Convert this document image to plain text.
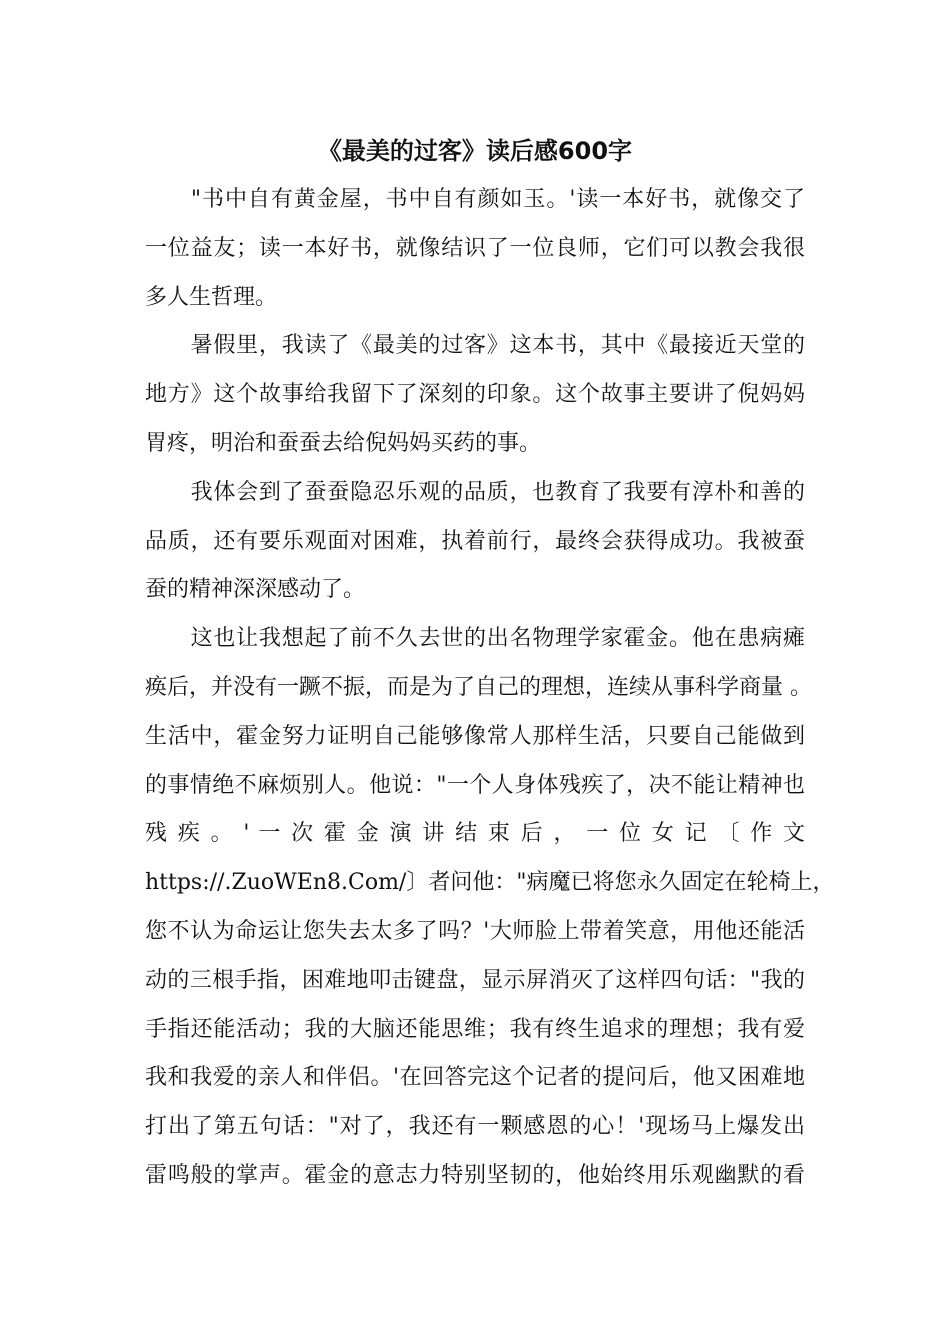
《最美的过客》读后感600字
　　"书中自有黄金屋，书中自有颜如玉。'读一本好书，就像交了
一位益友；读一本好书，就像结识了一位良师，它们可以教会我很
多人生哲理。
　　暑假里，我读了《最美的过客》这本书，其中《最接近天堂的
地方》这个故事给我留下了深刻的印象。这个故事主要讲了倪妈妈
胃疼，明治和蚕蚕去给倪妈妈买药的事。
　　我体会到了蚕蚕隐忍乐观的品质，也教育了我要有淳朴和善的
品质，还有要乐观面对困难，执着前行，最终会获得成功。我被蚕
蚕的精神深深感动了。
　　这也让我想起了前不久去世的出名物理学家霍金。他在患病瘫
痪后，并没有一蹶不振，而是为了自己的理想，连续从事科学商量 。
生活中，霍金努力证明自己能够像常人那样生活，只要自己能做到
的事情绝不麻烦别人。他说："一个人身体残疾了，决不能让精神也
残 疾 。 ' 一 次 霍 金 演 讲 结 束 后 ， 一 位 女 记 〔 作 文
https://.ZuoWEn8.Com/〕者问他："病魔已将您永久固定在轮椅上，
您不认为命运让您失去太多了吗？'大师脸上带着笑意，用他还能活
动的三根手指，困难地叩击键盘，显示屏消灭了这样四句话："我的
手指还能活动；我的大脑还能思维；我有终生追求的理想；我有爱
我和我爱的亲人和伴侣。'在回答完这个记者的提问后，他又困难地
打出了第五句话："对了，我还有一颗感恩的心！'现场马上爆发出
雷鸣般的掌声。霍金的意志力特别坚韧的，他始终用乐观幽默的看
